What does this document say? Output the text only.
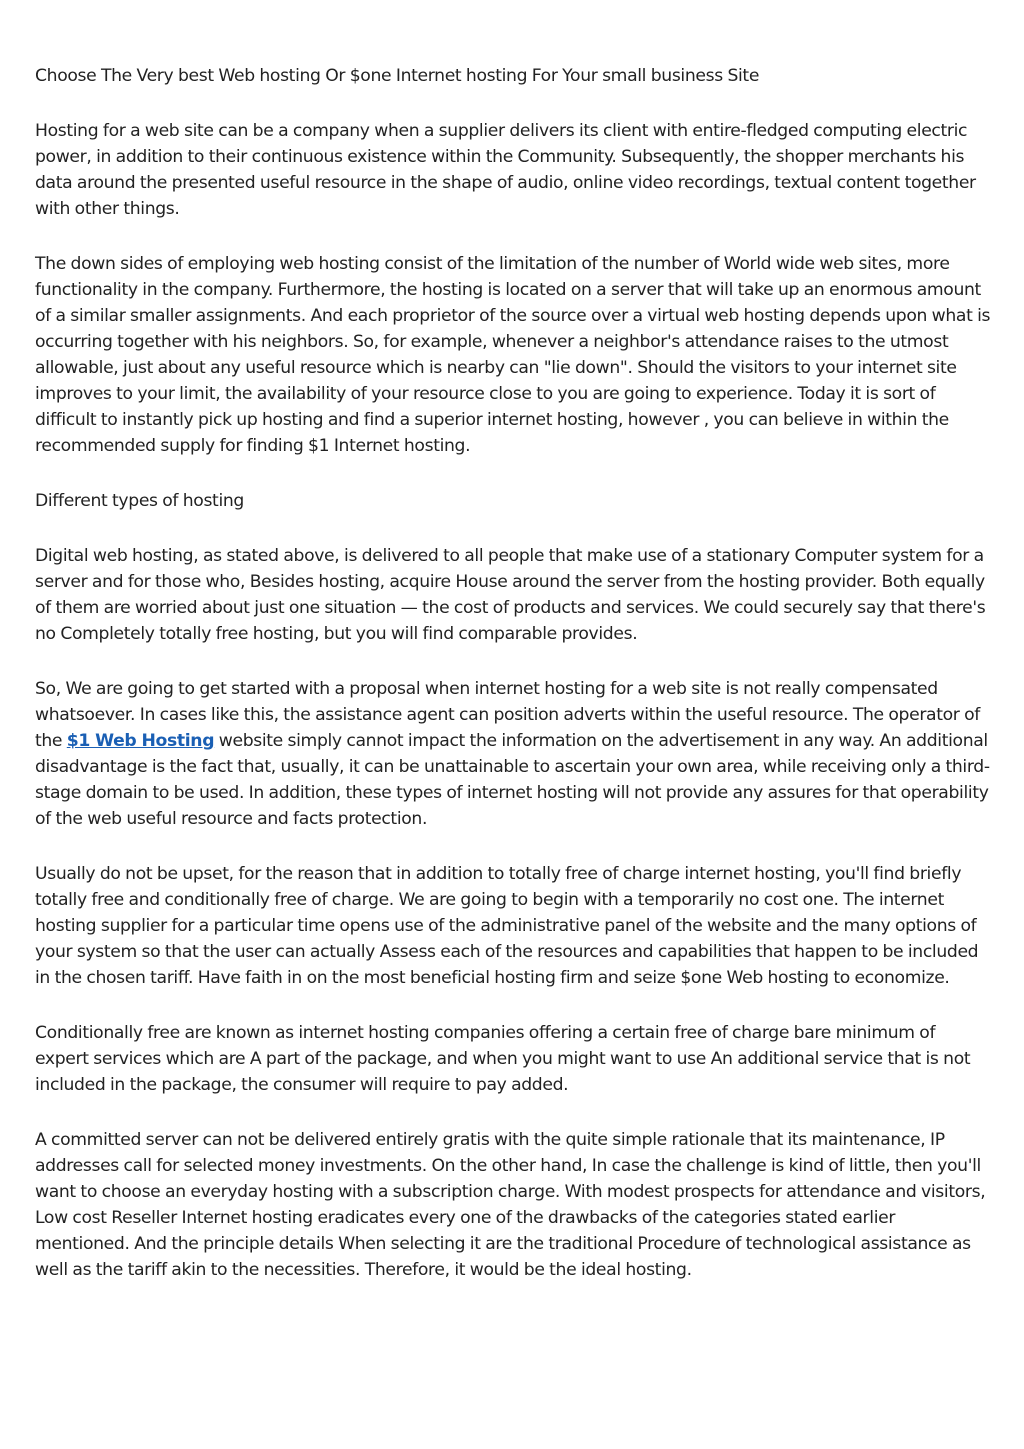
Choose The Very best Web hosting Or $one Internet hosting For Your small business Site

Hosting for a web site can be a company when a supplier delivers its client with entire-fledged computing electric power, in addition to their continuous existence within the Community. Subsequently, the shopper merchants his data around the presented useful resource in the shape of audio, online video recordings, textual content together with other things.

The down sides of employing web hosting consist of the limitation of the number of World wide web sites, more functionality in the company. Furthermore, the hosting is located on a server that will take up an enormous amount of a similar smaller assignments. And each proprietor of the source over a virtual web hosting depends upon what is occurring together with his neighbors. So, for example, whenever a neighbor's attendance raises to the utmost allowable, just about any useful resource which is nearby can "lie down". Should the visitors to your internet site improves to your limit, the availability of your resource close to you are going to experience. Today it is sort of difficult to instantly pick up hosting and find a superior internet hosting, however , you can believe in within the recommended supply for finding $1 Internet hosting.

Different types of hosting

Digital web hosting, as stated above, is delivered to all people that make use of a stationary Computer system for a server and for those who, Besides hosting, acquire House around the server from the hosting provider. Both equally of them are worried about just one situation — the cost of products and services. We could securely say that there's no Completely totally free hosting, but you will find comparable provides.

So, We are going to get started with a proposal when internet hosting for a web site is not really compensated whatsoever. In cases like this, the assistance agent can position adverts within the useful resource. The operator of the $1 Web Hosting website simply cannot impact the information on the advertisement in any way. An additional disadvantage is the fact that, usually, it can be unattainable to ascertain your own area, while receiving only a third-stage domain to be used. In addition, these types of internet hosting will not provide any assures for that operability of the web useful resource and facts protection.

Usually do not be upset, for the reason that in addition to totally free of charge internet hosting, you'll find briefly totally free and conditionally free of charge. We are going to begin with a temporarily no cost one. The internet hosting supplier for a particular time opens use of the administrative panel of the website and the many options of your system so that the user can actually Assess each of the resources and capabilities that happen to be included in the chosen tariff. Have faith in on the most beneficial hosting firm and seize $one Web hosting to economize.

Conditionally free are known as internet hosting companies offering a certain free of charge bare minimum of expert services which are A part of the package, and when you might want to use An additional service that is not included in the package, the consumer will require to pay added.

A committed server can not be delivered entirely gratis with the quite simple rationale that its maintenance, IP addresses call for selected money investments. On the other hand, In case the challenge is kind of little, then you'll want to choose an everyday hosting with a subscription charge. With modest prospects for attendance and visitors, Low cost Reseller Internet hosting eradicates every one of the drawbacks of the categories stated earlier mentioned. And the principle details When selecting it are the traditional Procedure of technological assistance as well as the tariff akin to the necessities. Therefore, it would be the ideal hosting.
